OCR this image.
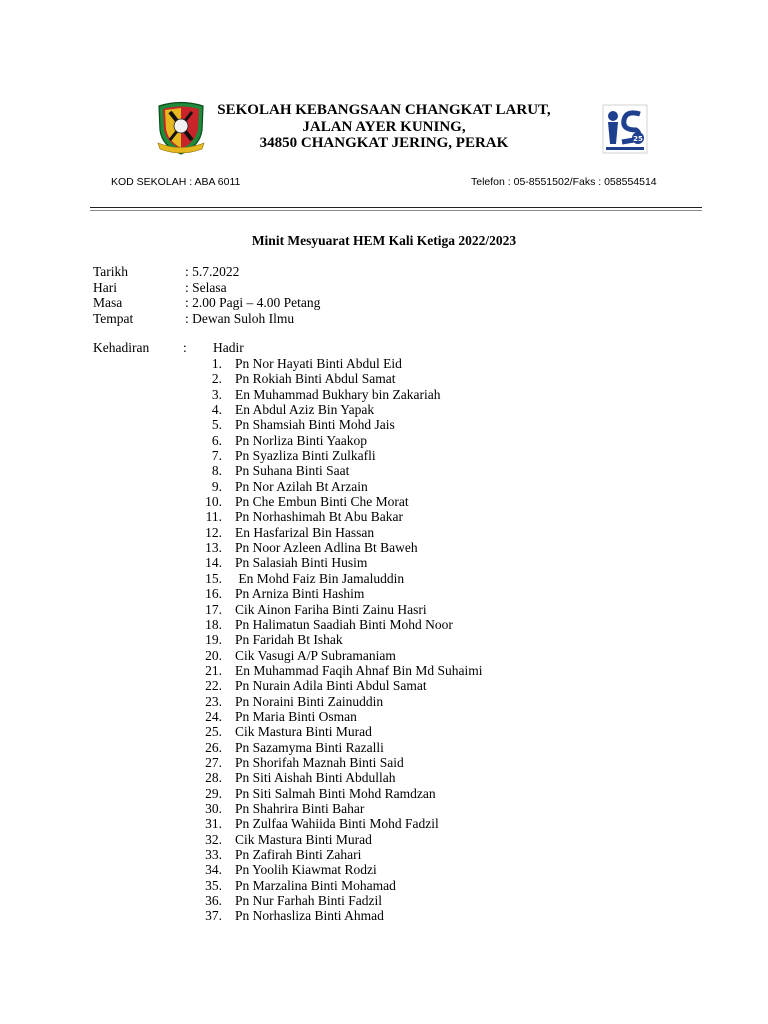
SEKOLAH KEBANGSAAN CHANGKAT LARUT,
JALAN AYER KUNING,
34850 CHANGKAT JERING, PERAK	25
KOD SEKOLAH : ABA 6011	Telefon : 05-8551502/Faks : 058554514
Minit Mesyuarat HEM Kali Ketiga 2022/2023
Tarikh	: 5.7.2022
Hari	: Selasa
Masa	: 2.00 Pagi – 4.00 Petang
Tempat	: Dewan Suloh Ilmu
Kehadiran	: Hadir
1. Pn Nor Hayati Binti Abdul Eid
2. Pn Rokiah Binti Abdul Samat
3. En Muhammad Bukhary bin Zakariah
4. En Abdul Aziz Bin Yapak
5. Pn Shamsiah Binti Mohd Jais
6. Pn Norliza Binti Yaakop
7. Pn Syazliza Binti Zulkafli
8. Pn Suhana Binti Saat
9. Pn Nor Azilah Bt Arzain
10. Pn Che Embun Binti Che Morat
11. Pn Norhashimah Bt Abu Bakar
12. En Hasfarizal Bin Hassan
13. Pn Noor Azleen Adlina Bt Baweh
14. Pn Salasiah Binti Husim
15. En Mohd Faiz Bin Jamaluddin
16. Pn Arniza Binti Hashim
17. Cik Ainon Fariha Binti Zainu Hasri
18. Pn Halimatun Saadiah Binti Mohd Noor
19. Pn Faridah Bt Ishak
20. Cik Vasugi A/P Subramaniam
21. En Muhammad Faqih Ahnaf Bin Md Suhaimi
22. Pn Nurain Adila Binti Abdul Samat
23. Pn Noraini Binti Zainuddin
24. Pn Maria Binti Osman
25. Cik Mastura Binti Murad
26. Pn Sazamyma Binti Razalli
27. Pn Shorifah Maznah Binti Said
28. Pn Siti Aishah Binti Abdullah
29. Pn Siti Salmah Binti Mohd Ramdzan
30. Pn Shahrira Binti Bahar
31. Pn Zulfaa Wahiida Binti Mohd Fadzil
32. Cik Mastura Binti Murad
33. Pn Zafirah Binti Zahari
34. Pn Yoolih Kiawmat Rodzi
35. Pn Marzalina Binti Mohamad
36. Pn Nur Farhah Binti Fadzil
37. Pn Norhasliza Binti Ahmad
